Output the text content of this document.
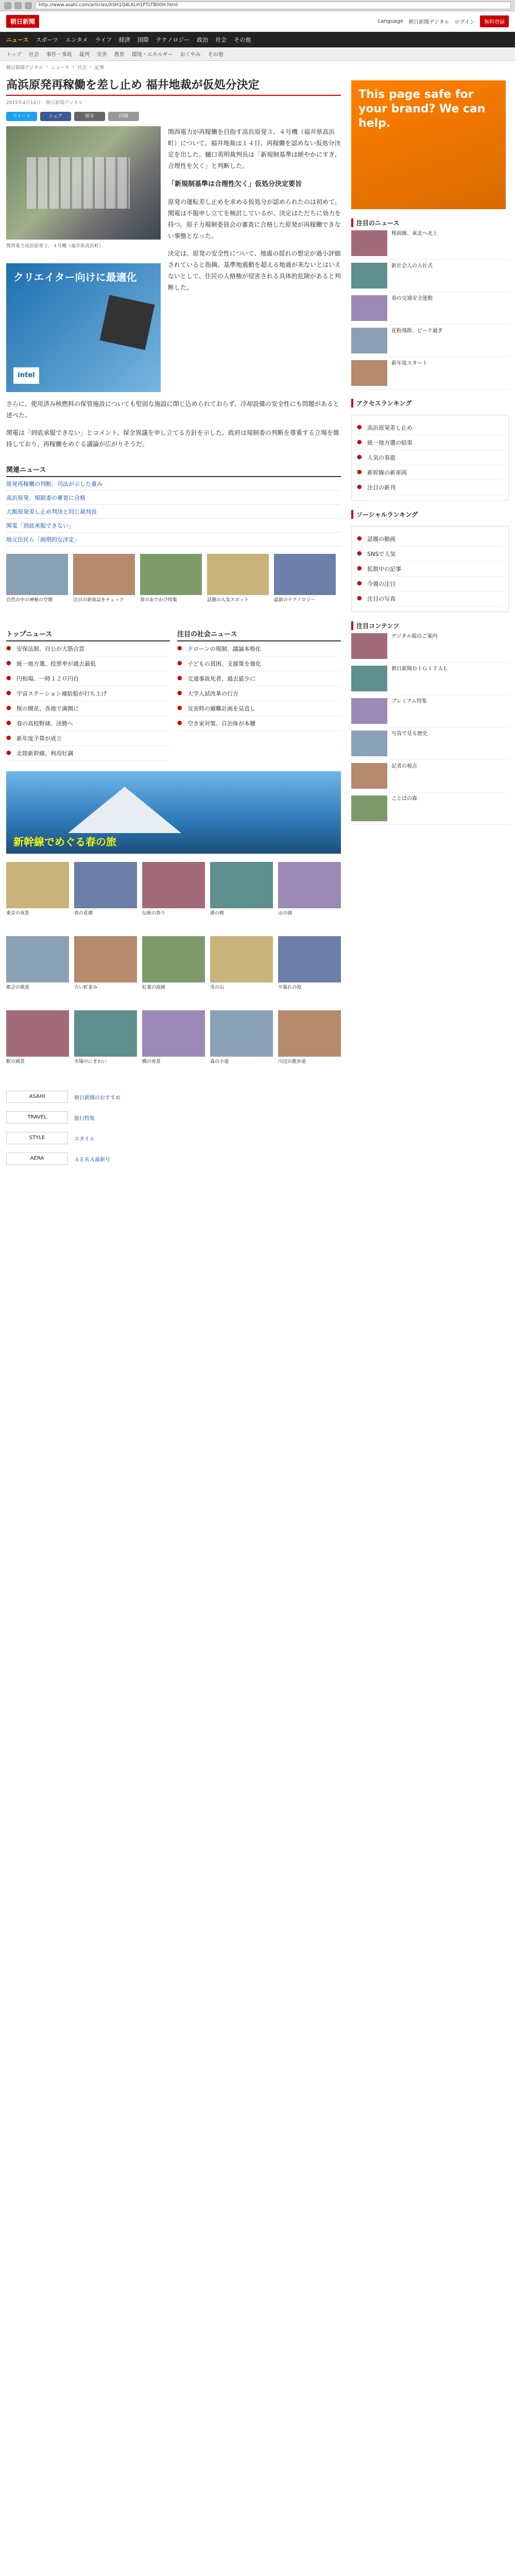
http://www.asahi.com/articles/ASH1Q4LKLH1PTLTB00H.html
朝日新聞	Language 朝日新聞デジタル ログイン	無料登録
ニュース スポーツ エンタメ ライフ 経済 国際 テクノロジー 政治 社会 その他
トップ 社会 事件・事故 裁判 災害 教育 環境・エネルギー おくやみ その他
朝日新聞デジタル › ニュース › 社会 › 記事
高浜原発再稼働を差し止め 福井地裁が仮処分決定
2015年4月14日 朝日新聞デジタル
ツイート	シェア	保存	印刷
関西電力高浜原発３、４号機（福井県高浜町）
クリエイター向けに最適化
intel

関西電力が再稼働を目指す高浜原発３、４号機（福井県高浜町）について、福井地裁は１４日、再稼働を認めない仮処分決定を出した。樋口英明裁判長は「新規制基準は緩やかにすぎ、合理性を欠く」と判断した。

「新規制基準は合理性欠く」仮処分決定要旨

原発の運転差し止めを求める仮処分が認められたのは初めて。関電は不服申し立てを検討しているが、決定はただちに効力を持つ。原子力規制委員会の審査に合格した原発が再稼働できない事態となった。

決定は、原発の安全性について、地震の揺れの想定が過小評価されていると指摘。基準地震動を超える地震が来ないとはいえないとして、住民の人格権が侵害される具体的危険があると判断した。

さらに、使用済み核燃料の保管施設についても堅固な施設に閉じ込められておらず、冷却設備の安全性にも問題があると述べた。

関電は「到底承服できない」とコメント。保全異議を申し立てる方針を示した。政府は規制委の判断を尊重する立場を維持しており、再稼働をめぐる議論が広がりそうだ。

関連ニュース
原発再稼働の判断、司法が示した重み
高浜原発、規制委の審査に合格
大飯原発差し止め判決と同じ裁判長
関電「到底承服できない」
地元住民ら「画期的な決定」
自然の中の神秘の空間	注目の新商品をチェック	春のおでかけ特集	話題の人気スポット	最新のテクノロジー
トップニュース
● 安保法制、自公が大筋合意
● 統一地方選、投票率が過去最低
● 円相場、一時１２０円台
● 宇宙ステーション補給船が打ち上げ
● 桜の開花、各地で満開に
● 春の高校野球、決勝へ
● 新年度予算が成立
● 北陸新幹線、利用好調
注目の社会ニュース
● ドローンの規制、議論本格化
● 子どもの貧困、支援策を強化
● 交通事故死者、過去最少に
● 大学入試改革の行方
● 災害時の避難計画を見直し
● 空き家対策、自治体が本腰
新幹線でめぐる春の旅
東京の夜景	春の花畑	伝統の祭り	港の朝	山の湖
都会の風景	古い町並み	紅葉の庭園	雪の山	夕暮れの海
駅の風景	市場のにぎわい	橋の夜景	森の小道	川辺の散歩道
ASAHI	朝日新聞のおすすめ
TRAVEL	旅行特集
STYLE	スタイル
AERA	ＡＥＲＡ最新号
This page safe for your brand? We can help.
注目のニュース
桜前線、東北へ北上
新社会人の入社式
春の交通安全運動
花粉飛散、ピーク過ぎ
新年度スタート
アクセスランキング
● 高浜原発差し止め
● 統一地方選の結果
● 人気の春旅
● 新幹線の新車両
● 注目の新刊
ソーシャルランキング
● 話題の動画
● SNSで人気
● 拡散中の記事
● 今週の注目
● 注目の写真
注目コンテンツ
デジタル版のご案内
朝日新聞ＤＩＧＩＴＡＬ
プレミアム特集
写真で見る歴史
記者の視点
ことばの森
